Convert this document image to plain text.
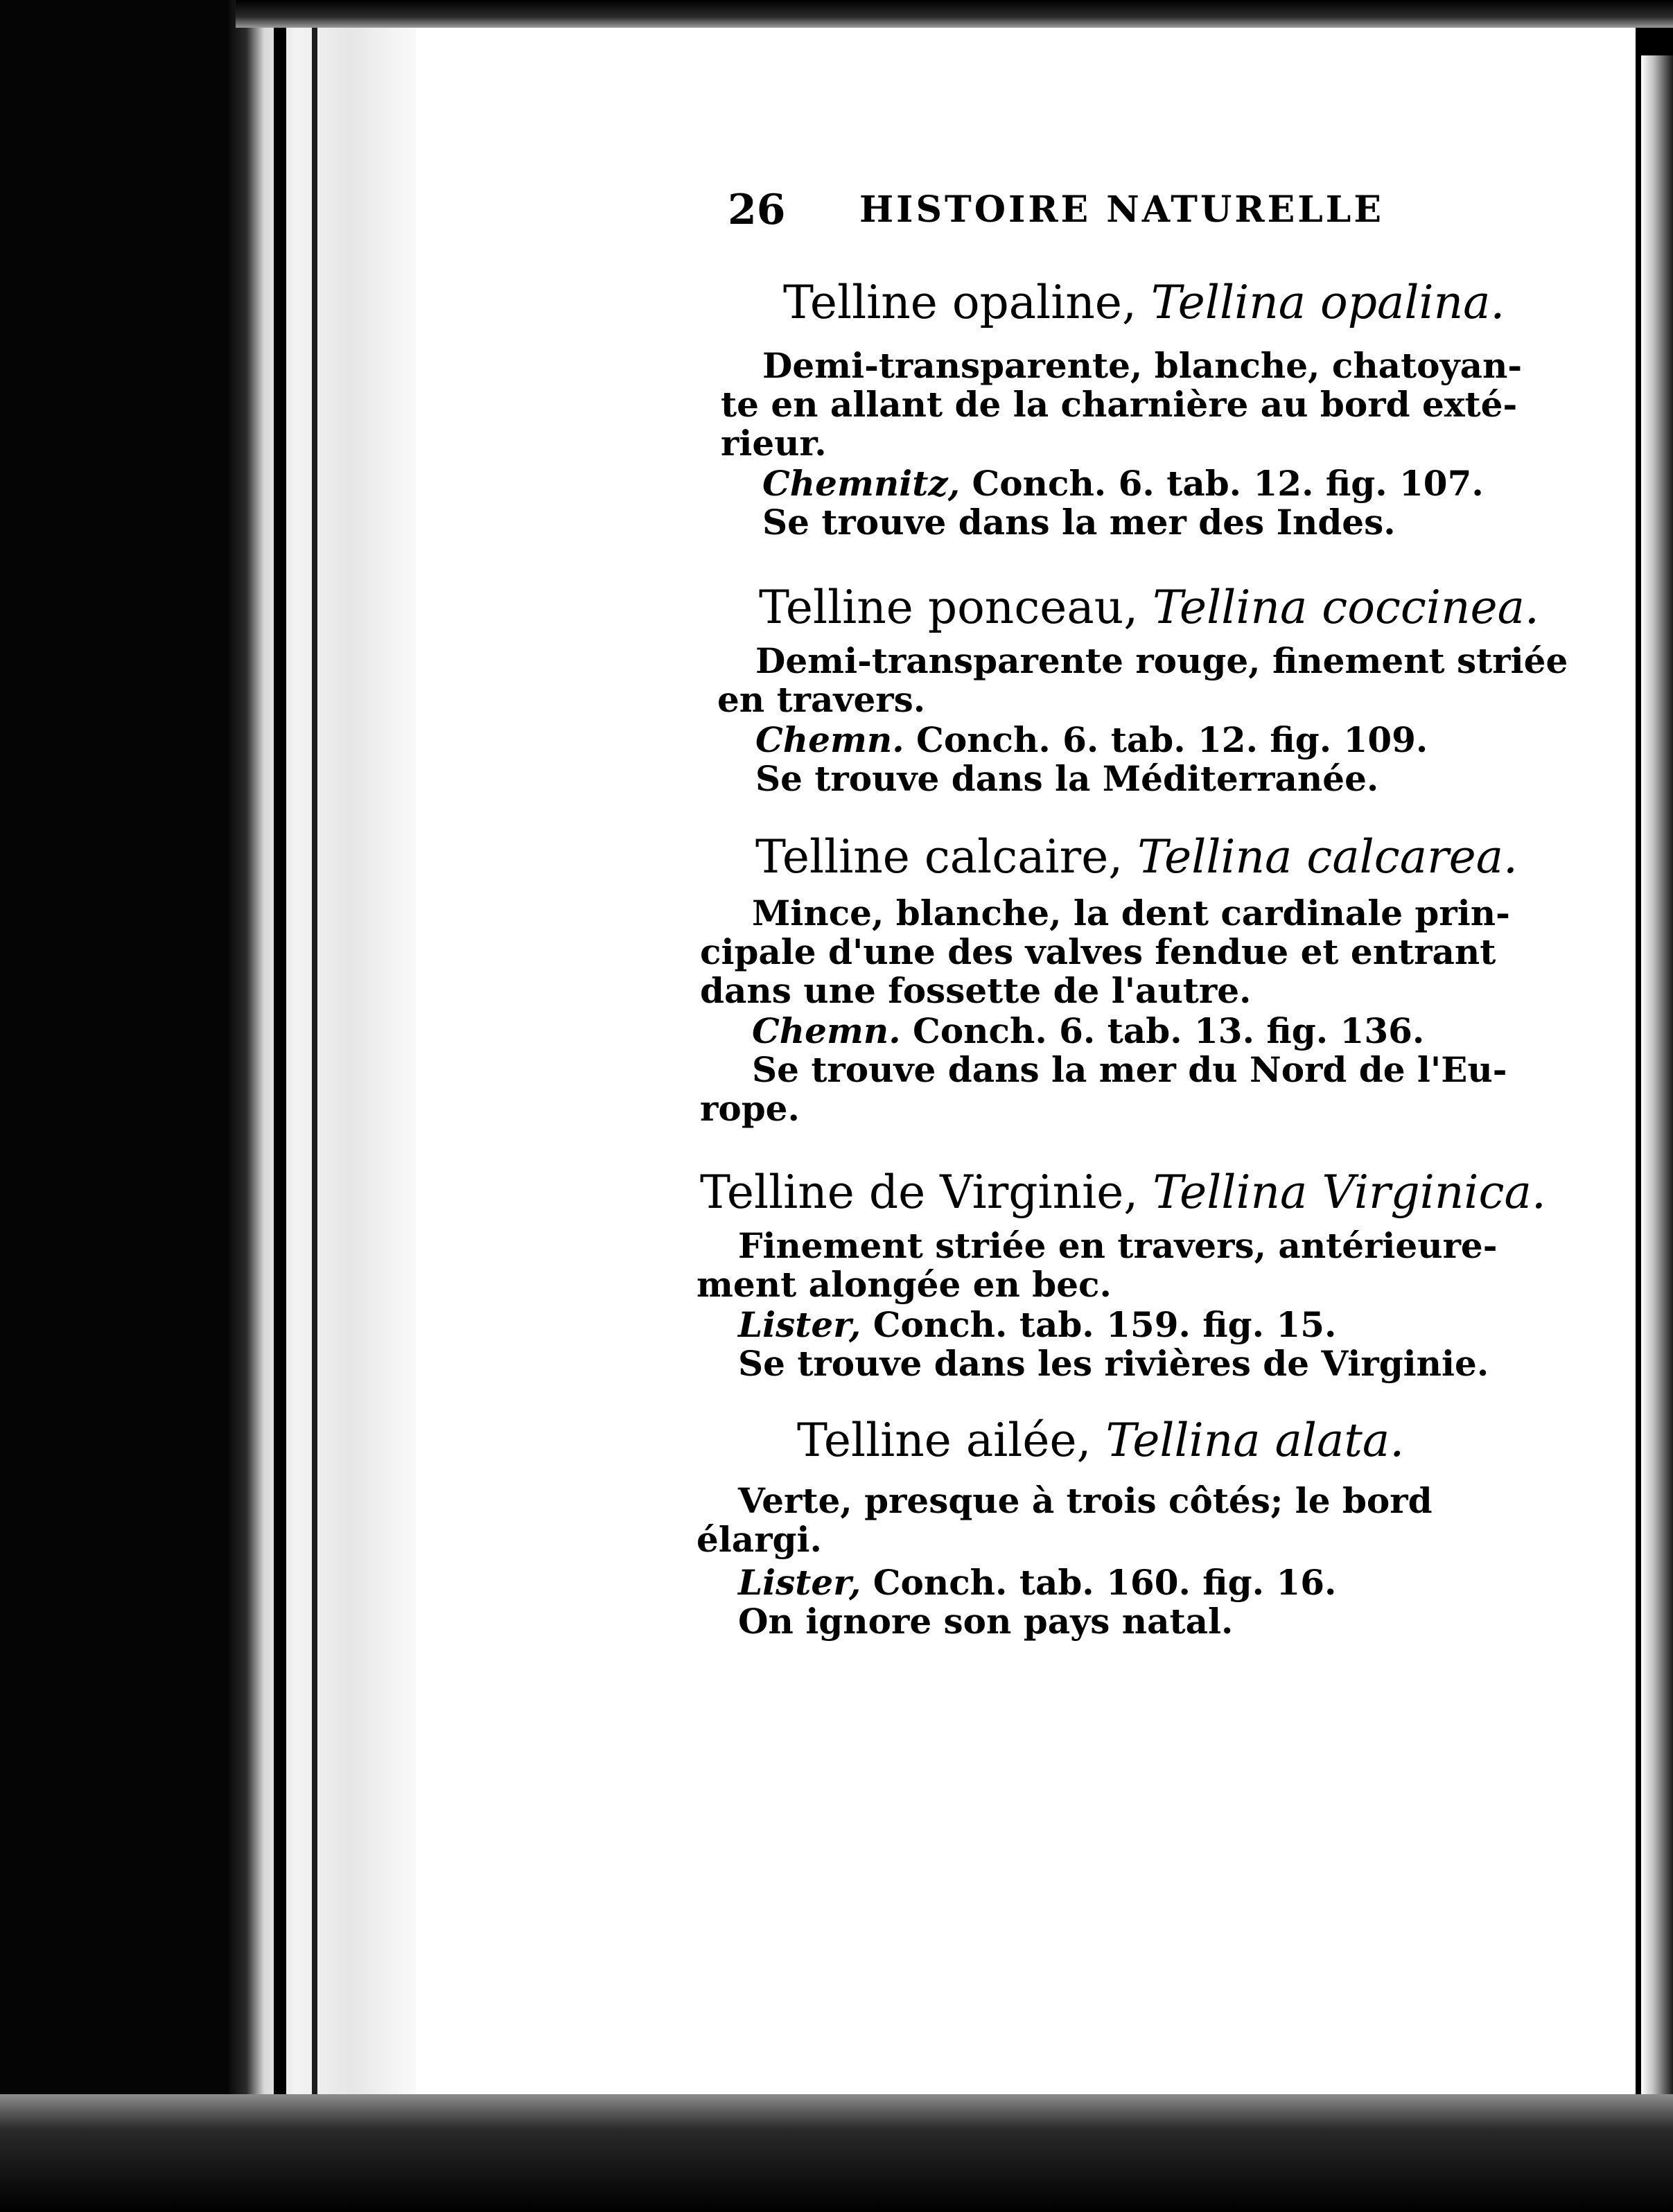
26 HISTOIRE NATURELLE
Telline opaline, Tellina opalina.
Demi-transparente, blanche, chatoyan-
te en allant de la charnière au bord exté-
rieur.
Chemnitz, Conch. 6. tab. 12. fig. 107.
Se trouve dans la mer des Indes.
Telline ponceau, Tellina coccinea.
Demi-transparente rouge, finement striée
en travers.
Chemn. Conch. 6. tab. 12. fig. 109.
Se trouve dans la Méditerranée.
Telline calcaire, Tellina calcarea.
Mince, blanche, la dent cardinale prin-
cipale d'une des valves fendue et entrant
dans une fossette de l'autre.
Chemn. Conch. 6. tab. 13. fig. 136.
Se trouve dans la mer du Nord de l'Eu-
rope.
Telline de Virginie, Tellina Virginica.
Finement striée en travers, antérieure-
ment alongée en bec.
Lister, Conch. tab. 159. fig. 15.
Se trouve dans les rivières de Virginie.
Telline ailée, Tellina alata.
Verte, presque à trois côtés; le bord
élargi.
Lister, Conch. tab. 160. fig. 16.
On ignore son pays natal.
